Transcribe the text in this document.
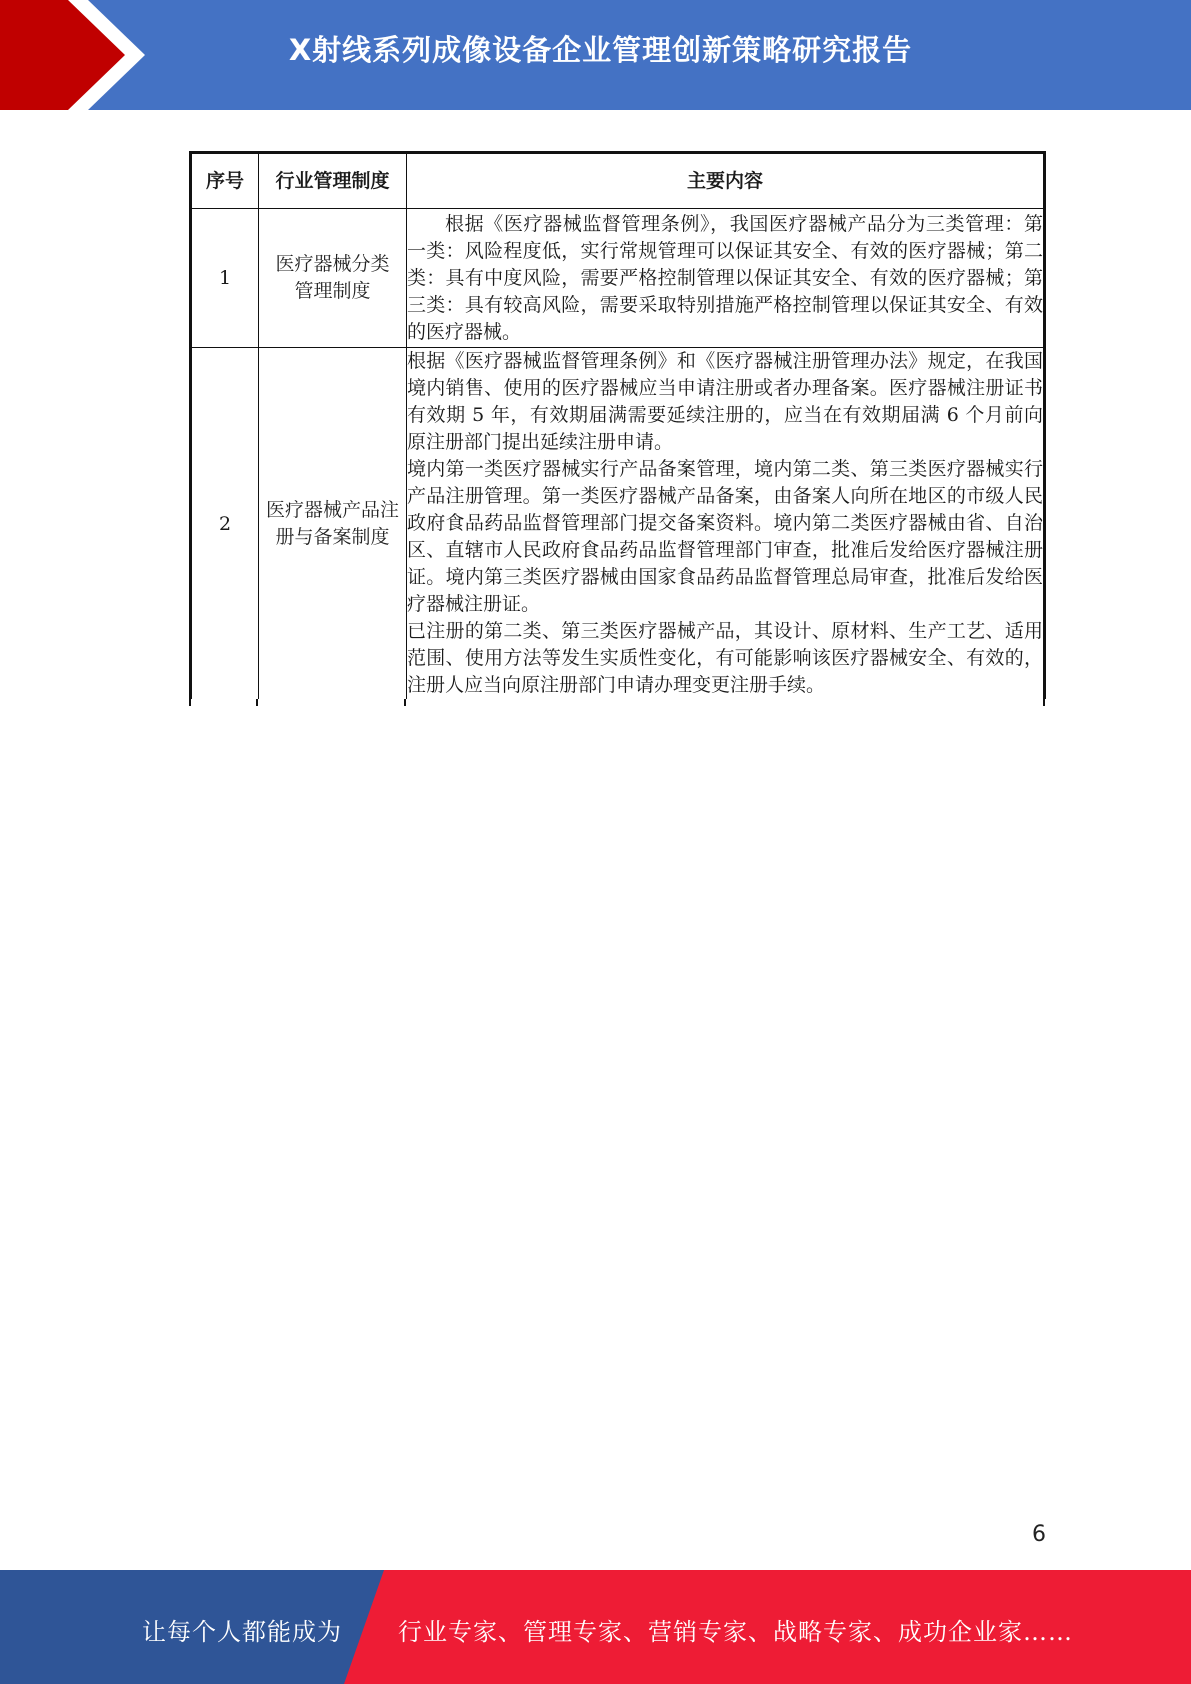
X射线系列成像设备企业管理创新策略研究报告
序号	行业管理制度	主要内容
1	医疗器械分类管理制度	根据《医疗器械监督管理条例》，我国医疗器械产品分为三类管理：第一类：风险程度低，实行常规管理可以保证其安全、有效的医疗器械；第二类：具有中度风险，需要严格控制管理以保证其安全、有效的医疗器械；第三类：具有较高风险，需要采取特别措施严格控制管理以保证其安全、有效的医疗器械。

2	医疗器械产品注册与备案制度	根据《医疗器械监督管理条例》和《医疗器械注册管理办法》规定，在我国境内销售、使用的医疗器械应当申请注册或者办理备案。医疗器械注册证书有效期 5 年，有效期届满需要延续注册的，应当在有效期届满 6 个月前向原注册部门提出延续注册申请。

境内第一类医疗器械实行产品备案管理，境内第二类、第三类医疗器械实行产品注册管理。第一类医疗器械产品备案，由备案人向所在地区的市级人民政府食品药品监督管理部门提交备案资料。境内第二类医疗器械由省、自治区、直辖市人民政府食品药品监督管理部门审查，批准后发给医疗器械注册证。境内第三类医疗器械由国家食品药品监督管理总局审查，批准后发给医疗器械注册证。

已注册的第二类、第三类医疗器械产品，其设计、原材料、生产工艺、适用范围、使用方法等发生实质性变化，有可能影响该医疗器械安全、有效的，注册人应当向原注册部门申请办理变更注册手续。

6
让每个人都能成为 行业专家、管理专家、营销专家、战略专家、成功企业家……
